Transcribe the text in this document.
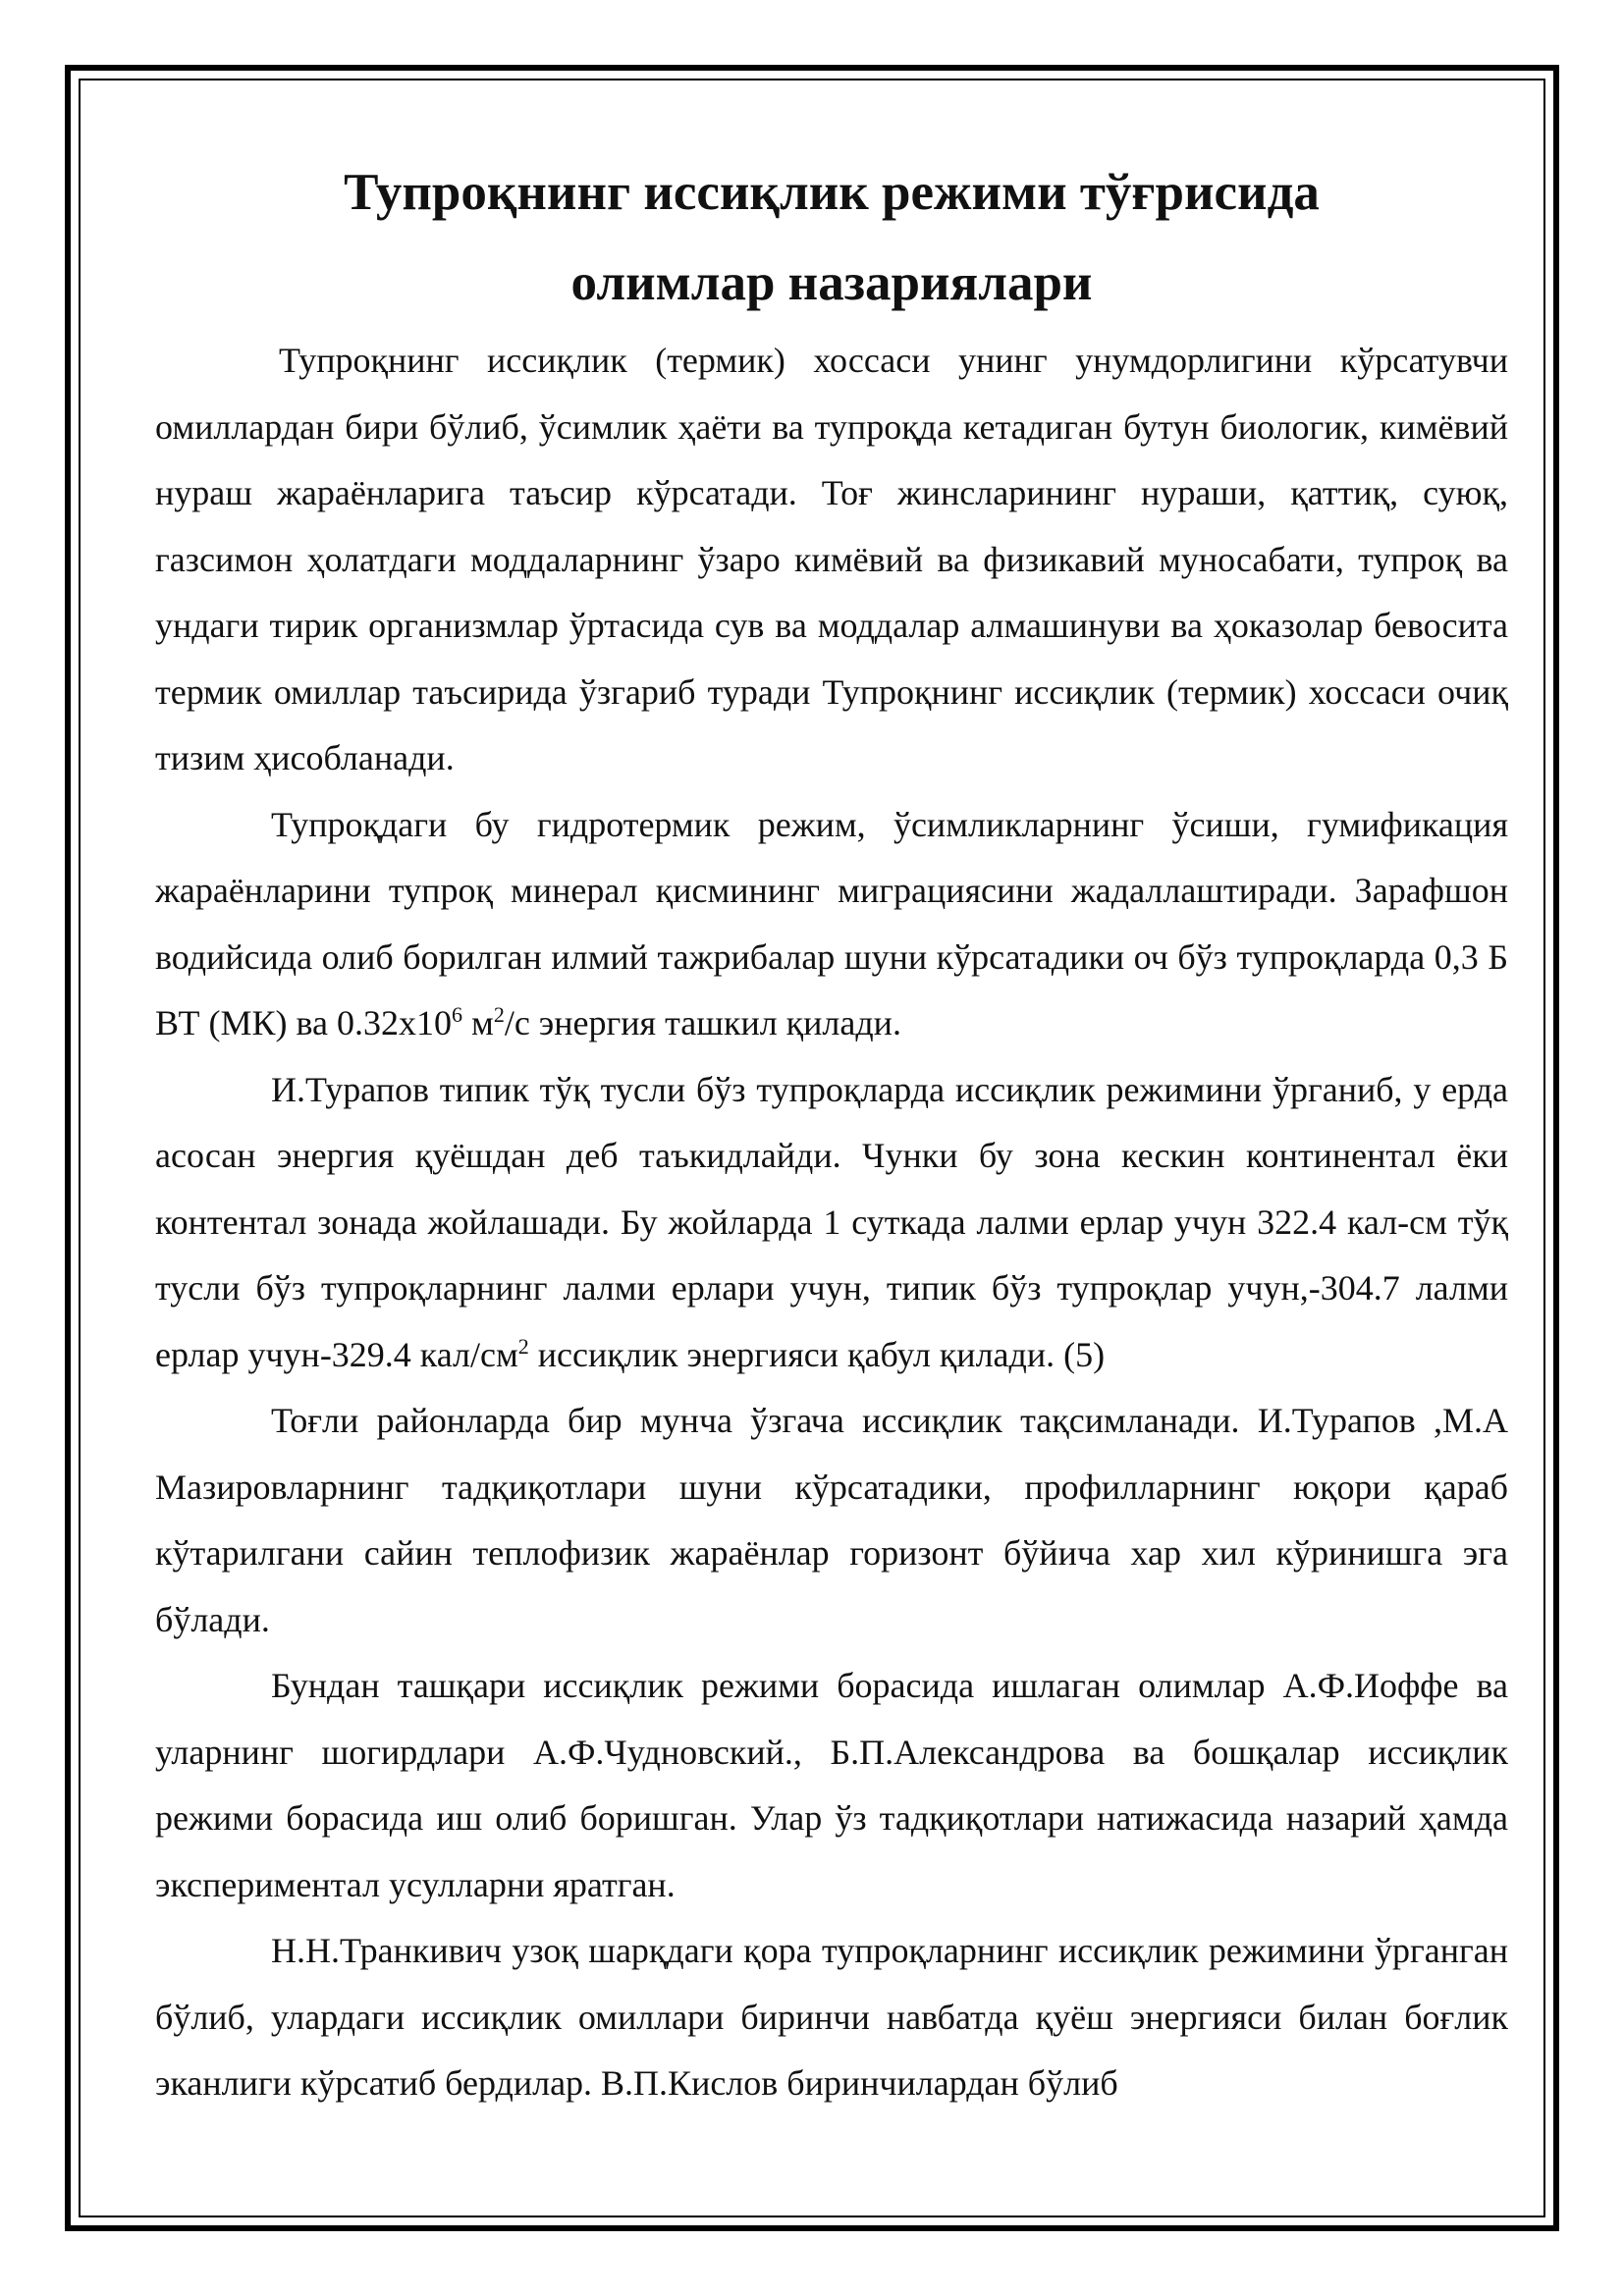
Тупроқнинг иссиқлик режими тўғрисида
олимлар назариялари

Тупроқнинг иссиқлик (термик) хоссаси унинг унумдорлигини кўрсатувчи омиллардан бири бўлиб, ўсимлик ҳаёти ва тупроқда кетадиган бутун биологик, кимёвий нураш жараёнларига таъсир кўрсатади. Тоғ жинсларининг нураши, қаттиқ, суюқ, газсимон ҳолатдаги моддаларнинг ўзаро кимёвий ва физикавий муносабати, тупроқ ва ундаги тирик организмлар ўртасида сув ва моддалар алмашинуви ва ҳоказолар бевосита термик омиллар таъсирида ўзгариб туради Тупроқнинг иссиқлик (термик) хоссаси очиқ тизим ҳисобланади.

Тупроқдаги бу гидротермик режим, ўсимликларнинг ўсиши, гумификация жараёнларини тупроқ минерал қисмининг миграциясини жадаллаштиради. Зарафшон водийсида олиб борилган илмий тажрибалар шуни кўрсатадики оч бўз тупроқларда 0,3 Б ВТ (МК) ва $0.32х10^6$ $м^2/с$ энергия ташкил қилади.

И.Турапов типик тўқ тусли бўз тупроқларда иссиқлик режимини ўрганиб, у ерда асосан энергия қуёшдан деб таъкидлайди. Чунки бу зона кескин континентал ёки контентал зонада жойлашади. Бу жойларда 1 суткада лалми ерлар учун 322.4 кал-см тўқ тусли бўз тупроқларнинг лалми ерлари учун, типик бўз тупроқлар учун,-304.7 лалми ерлар учун-329.4 кал/$см^2$ иссиқлик энергияси қабул қилади. (5)

Тоғли районларда бир мунча ўзгача иссиқлик тақсимланади. И.Турапов ,М.А Мазировларнинг тадқиқотлари шуни кўрсатадики, профилларнинг юқори қараб кўтарилгани сайин теплофизик жараёнлар горизонт бўйича хар хил кўринишга эга бўлади.

Бундан ташқари иссиқлик режими борасида ишлаган олимлар А.Ф.Иоффе ва уларнинг шогирдлари А.Ф.Чудновский., Б.П.Александрова ва бошқалар иссиқлик режими борасида иш олиб боришган. Улар ўз тадқиқотлари натижасида назарий ҳамда экспериментал усулларни яратган.

Н.Н.Транкивич узоқ шарқдаги қора тупроқларнинг иссиқлик режимини ўрганган бўлиб, улардаги иссиқлик омиллари биринчи навбатда қуёш энергияси билан боғлик эканлиги кўрсатиб бердилар. В.П.Кислов биринчилардан бўлиб
